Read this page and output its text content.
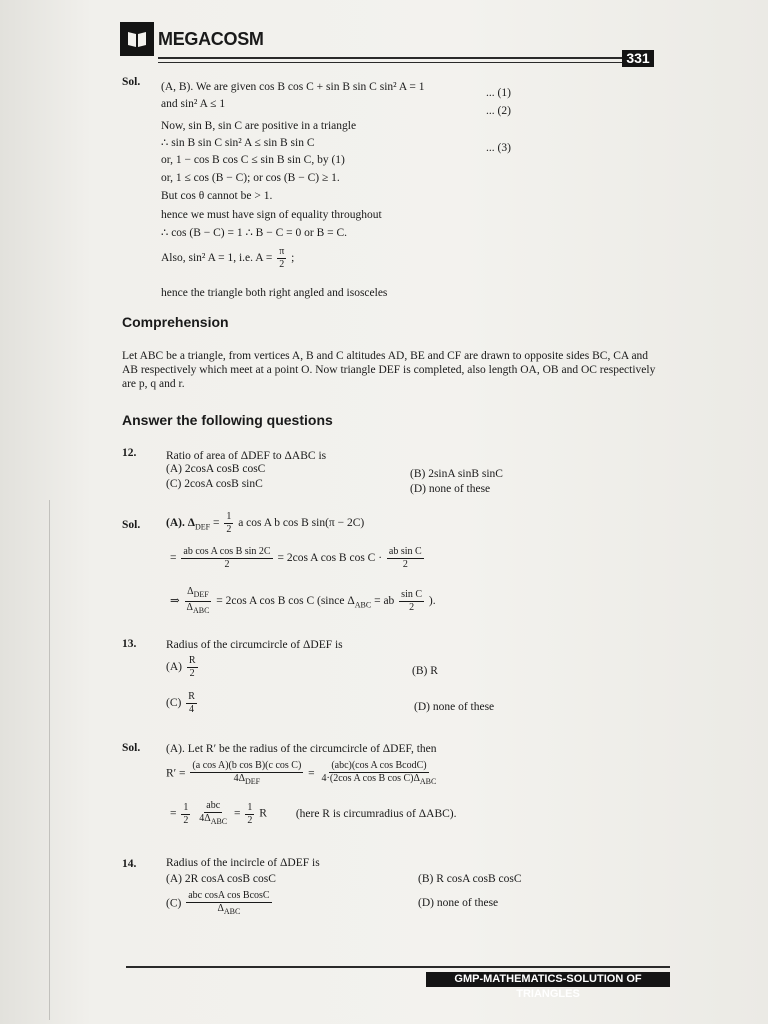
MEGACOSM
331
Sol. (A, B). We are given cos B cos C + sin B sin C sin² A = 1
and sin² A ≤ 1
Now, sin B, sin C are positive in a triangle
∴ sin B sin C sin² A ≤ sin B sin C
or, 1 − cos B cos C ≤ sin B sin C, by (1)
or, 1 ≤ cos (B − C); or cos (B − C) ≥ 1.
But cos θ cannot be > 1.
hence we must have sign of equality throughout
∴ cos (B − C) = 1 ∴ B − C = 0 or B = C.
Also, sin² A = 1, i.e. $A = \frac{\pi}{2}$ ;
hence the triangle both right angled and isosceles
... (1)
... (2)
... (3)
Comprehension
Let ABC be a triangle, from vertices A, B and C altitudes AD, BE and CF are drawn to opposite sides BC, CA and AB respectively which meet at a point O. Now triangle DEF is completed, also length OA, OB and OC respectively are p, q and r.
Answer the following questions
12.	Ratio of area of ΔDEF to ΔABC is
(A) 2cosA cosB cosC	(B) 2sinA sinB sinC
(C) 2cosA cosB sinC	(D) none of these
Sol. (A). $\Delta_{DEF} = \frac{1}{2}$ a cos A b cos B sin(π − 2C)
= $\frac{\text{ab cos A cos B sin 2C}}{2} = 2\cos$ A cos B $\cos C \cdot \frac{\text{ab sin C}}{2}$
⇒ $\frac{\Delta_{DEF}}{\Delta_{ABC}} = 2\cos$ A cos B cos C (since $\Delta_{ABC}$ = ab $\frac{\text{sin C}}{2}$ ).
13.	Radius of the circumcircle of ΔDEF is
$(A) \frac{R}{2}$	(B) R
$(C) \frac{R}{4}$	(D) none of these
Sol. (A). Let R′ be the radius of the circumcircle of ΔDEF, then
$R' = \frac{\text{(a cos A)(b cos B)(c cos C)}}{4\Delta_{DEF}} = \frac{\text{(abc)(cos A cos BcodC)}}{4\cdot(2\cos A \cos B \cos C)\Delta_{ABC}}$
= $\frac{1}{2}$
$\frac{\text{abc}}{4\Delta_{ABC}} = \frac{1}{2}$ R	(here R is circumradius of ΔABC).
14.	Radius of the incircle of ΔDEF is
(A) 2R cosA cosB cosC	(B) R cosA cosB cosC
$(C) \frac{\text{abc cosA cos BcosC}}{\Delta_{ABC}}$	(D) none of these
GMP-MATHEMATICS-SOLUTION OF TRIANGLES
